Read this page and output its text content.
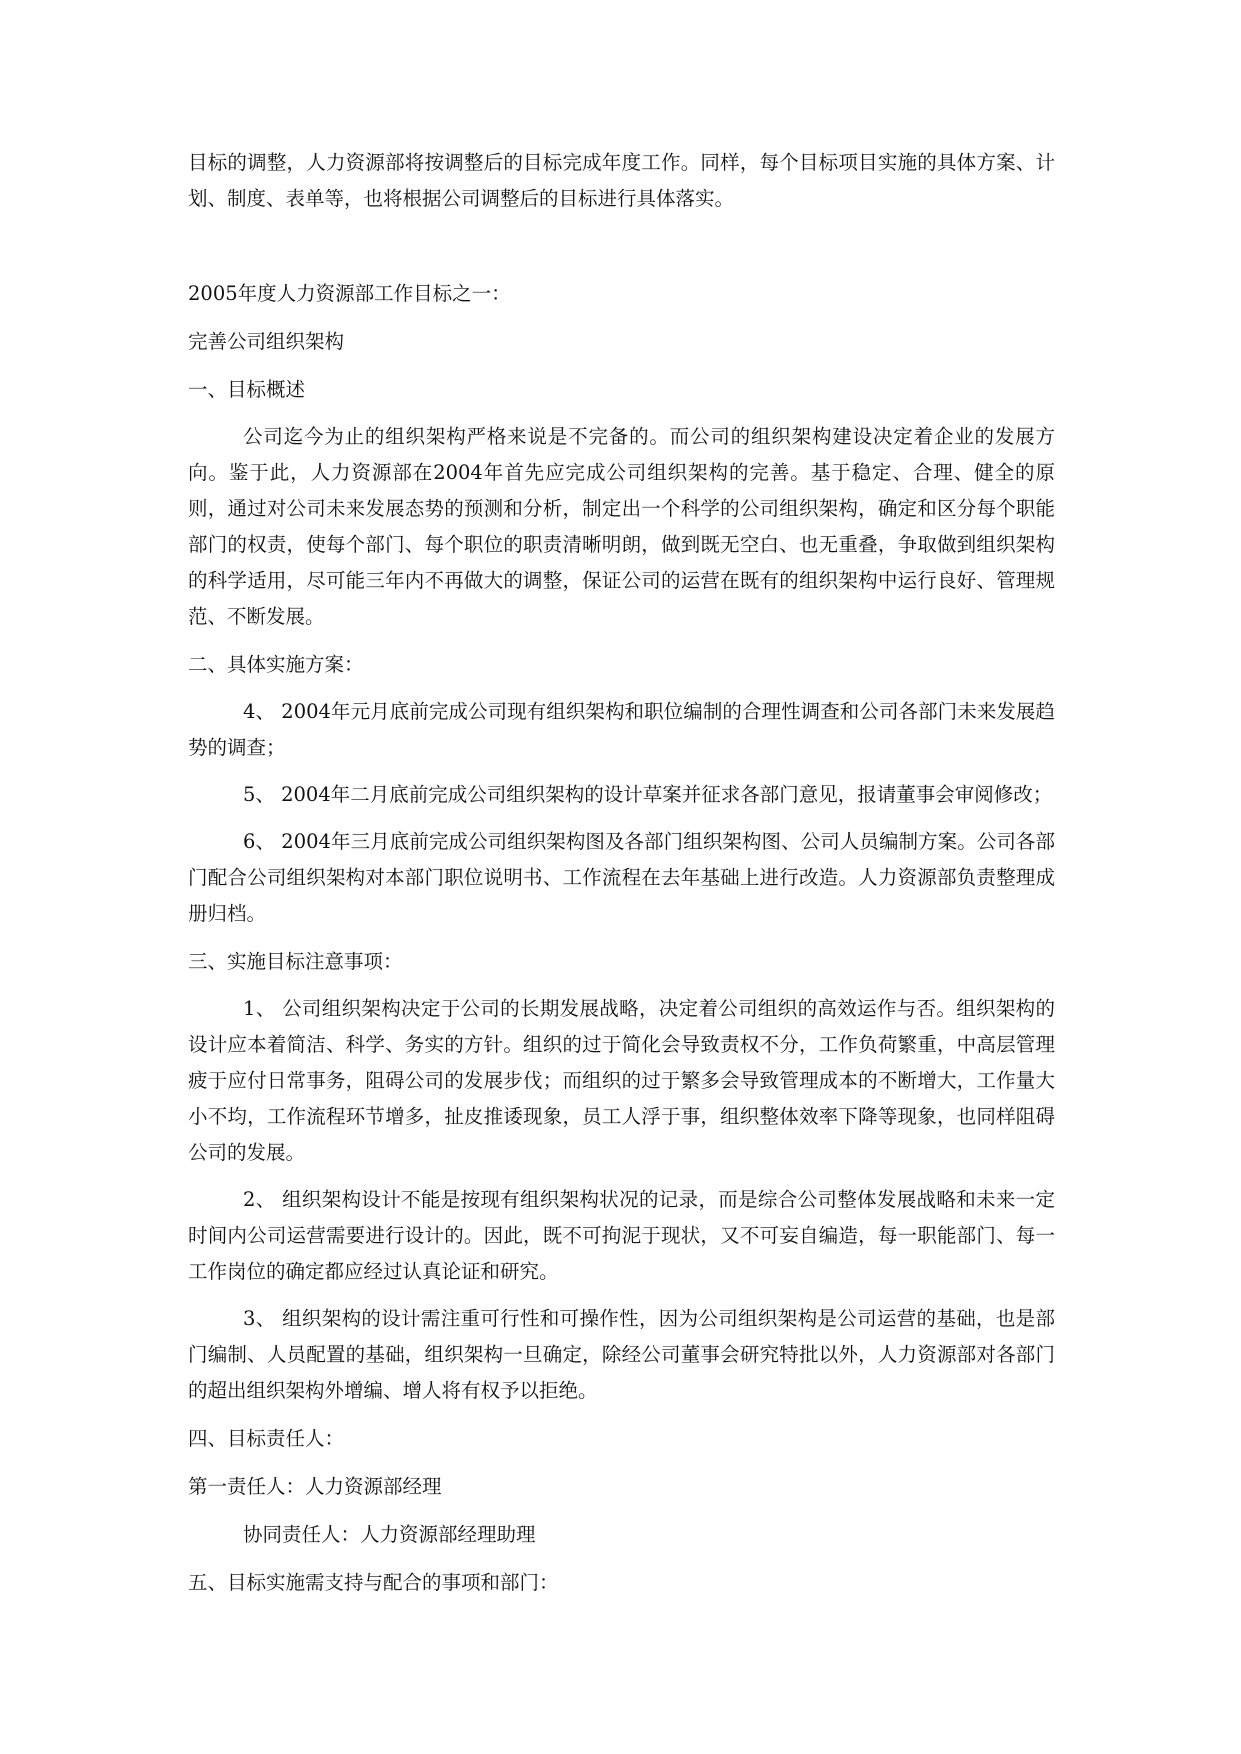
目标的调整，人力资源部将按调整后的目标完成年度工作。同样，每个目标项目实施的具体方案、计划、制度、表单等，也将根据公司调整后的目标进行具体落实。

2005年度人力资源部工作目标之一：

完善公司组织架构

一、目标概述

公司迄今为止的组织架构严格来说是不完备的。而公司的组织架构建设决定着企业的发展方向。鉴于此，人力资源部在2004年首先应完成公司组织架构的完善。基于稳定、合理、健全的原则，通过对公司未来发展态势的预测和分析，制定出一个科学的公司组织架构，确定和区分每个职能部门的权责，使每个部门、每个职位的职责清晰明朗，做到既无空白、也无重叠，争取做到组织架构的科学适用，尽可能三年内不再做大的调整，保证公司的运营在既有的组织架构中运行良好、管理规范、不断发展。

二、具体实施方案：

4、 2004年元月底前完成公司现有组织架构和职位编制的合理性调查和公司各部门未来发展趋势的调查；

5、 2004年二月底前完成公司组织架构的设计草案并征求各部门意见，报请董事会审阅修改；

6、 2004年三月底前完成公司组织架构图及各部门组织架构图、公司人员编制方案。公司各部门配合公司组织架构对本部门职位说明书、工作流程在去年基础上进行改造。人力资源部负责整理成册归档。

三、实施目标注意事项：

1、 公司组织架构决定于公司的长期发展战略，决定着公司组织的高效运作与否。组织架构的设计应本着简洁、科学、务实的方针。组织的过于简化会导致责权不分，工作负荷繁重，中高层管理疲于应付日常事务，阻碍公司的发展步伐；而组织的过于繁多会导致管理成本的不断增大，工作量大小不均，工作流程环节增多，扯皮推诿现象，员工人浮于事，组织整体效率下降等现象，也同样阻碍公司的发展。

2、 组织架构设计不能是按现有组织架构状况的记录，而是综合公司整体发展战略和未来一定时间内公司运营需要进行设计的。因此，既不可拘泥于现状，又不可妄自编造，每一职能部门、每一工作岗位的确定都应经过认真论证和研究。

3、 组织架构的设计需注重可行性和可操作性，因为公司组织架构是公司运营的基础，也是部门编制、人员配置的基础，组织架构一旦确定，除经公司董事会研究特批以外，人力资源部对各部门的超出组织架构外增编、增人将有权予以拒绝。

四、目标责任人：

第一责任人：人力资源部经理

协同责任人：人力资源部经理助理

五、目标实施需支持与配合的事项和部门：
